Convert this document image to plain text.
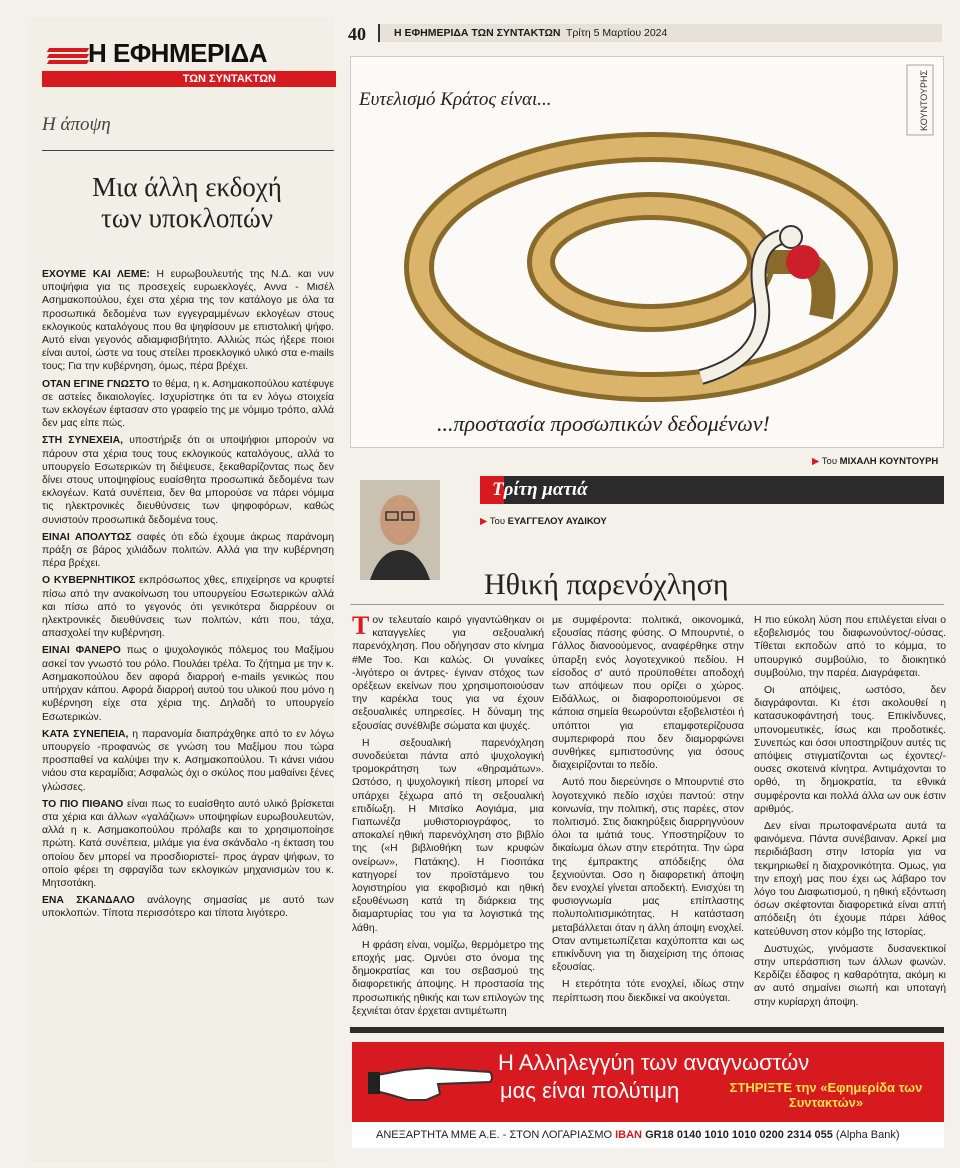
Η ΕΦΗΜΕΡΙΔΑ
ΤΩΝ ΣΥΝΤΑΚΤΩΝ
Η άποψη
Μια άλλη εκδοχή
των υποκλοπών

ΕΧΟΥΜΕ ΚΑΙ ΛΕΜΕ: Η ευρωβουλευτής της Ν.Δ. και νυν υποψήφια για τις προσεχείς ευρωεκλογές, Αννα - Μισέλ Ασημακοπούλου, έχει στα χέρια της τον κατάλογο με όλα τα προσωπικά δεδομένα των εγγεγραμμένων εκλογέων στους εκλογικούς καταλόγους που θα ψηφίσουν με επιστολική ψήφο. Αυτό είναι γεγονός αδιαμφισβήτητο. Αλλιώς πώς ήξερε ποιοι είναι αυτοί, ώστε να τους στείλει προεκλογικό υλικό στα e-mails τους; Για την κυβέρνηση, όμως, πέρα βρέχει.

ΟΤΑΝ ΕΓΙΝΕ ΓΝΩΣΤΟ το θέμα, η κ. Ασημακοπούλου κατέφυγε σε αστείες δικαιολογίες. Ισχυρίστηκε ότι τα εν λόγω στοιχεία των εκλογέων έφτασαν στο γραφείο της με νόμιμο τρόπο, αλλά δεν μας είπε πώς.

ΣΤΗ ΣΥΝΕΧΕΙΑ, υποστήριξε ότι οι υποψήφιοι μπορούν να πάρουν στα χέρια τους τους εκλογικούς καταλόγους, αλλά το υπουργείο Εσωτερικών τη διέψευσε, ξεκαθαρίζοντας πως δεν δίνει στους υποψηφίους ευαίσθητα προσωπικά δεδομένα των εκλογέων. Κατά συνέπεια, δεν θα μπορούσε να πάρει νόμιμα τις ηλεκτρονικές διευθύνσεις των ψηφοφόρων, καθώς συνιστούν προσωπικά δεδομένα τους.

ΕΙΝΑΙ ΑΠΟΛΥΤΩΣ σαφές ότι εδώ έχουμε άκρως παράνομη πράξη σε βάρος χιλιάδων πολιτών. Αλλά για την κυβέρνηση πέρα βρέχει.

Ο ΚΥΒΕΡΝΗΤΙΚΟΣ εκπρόσωπος χθες, επιχείρησε να κρυφτεί πίσω από την ανακοίνωση του υπουργείου Εσωτερικών αλλά και πίσω από το γεγονός ότι γενικότερα διαρρέουν οι ηλεκτρονικές διευθύνσεις των πολιτών, κάτι που, τάχα, απασχολεί την κυβέρνηση.

ΕΙΝΑΙ ΦΑΝΕΡΟ πως ο ψυχολογικός πόλεμος του Μαξίμου ασκεί τον γνωστό του ρόλο. Πουλάει τρέλα. Το ζήτημα με την κ. Ασημακοπούλου δεν αφορά διαρροή e-mails γενικώς που υπήρχαν κάπου. Αφορά διαρροή αυτού του υλικού που μόνο η κυβέρνηση είχε στα χέρια της. Δηλαδή το υπουργείο Εσωτερικών.

ΚΑΤΑ ΣΥΝΕΠΕΙΑ, η παρανομία διαπράχθηκε από το εν λόγω υπουργείο -προφανώς σε γνώση του Μαξίμου που τώρα προσπαθεί να καλύψει την κ. Ασημακοπούλου. Τι κάνει νιάου νιάου στα κεραμίδια; Ασφαλώς όχι ο σκύλος που μαθαίνει ξένες γλώσσες.

ΤΟ ΠΙΟ ΠΙΘΑΝΟ είναι πως το ευαίσθητο αυτό υλικό βρίσκεται στα χέρια και άλλων «γαλάζιων» υποψηφίων ευρωβουλευτών, αλλά η κ. Ασημακοπούλου πρόλαβε και το χρησιμοποίησε πρώτη. Κατά συνέπεια, μιλάμε για ένα σκάνδαλο -η έκταση του οποίου δεν μπορεί να προσδιοριστεί- προς άγραν ψήφων, το οποίο φέρει τη σφραγίδα των εκλογικών μηχανισμών του κ. Μητσοτάκη.

ΕΝΑ ΣΚΑΝΔΑΛΟ ανάλογης σημασίας με αυτό των υποκλοπών. Τίποτα περισσότερο και τίποτα λιγότερο.

40	Η ΕΦΗΜΕΡΙΔΑ ΤΩΝ ΣΥΝΤΑΚΤΩΝ Τρίτη 5 Μαρτίου 2024
Ευτελισμό Κράτος είναι...	ΚΟΥΝΤΟΥΡΗΣ
...προστασία προσωπικών δεδομένων!
▶ Του ΜΙΧΑΛΗ ΚΟΥΝΤΟΥΡΗ
Τρίτη ματιά
▶ Του ΕΥΑΓΓΕΛΟΥ ΑΥΔΙΚΟΥ
Ηθική παρενόχληση

Τον τελευταίο καιρό γιγαντώθηκαν οι καταγγελίες για σεξουαλική παρενόχληση. Που οδήγησαν στο κίνημα #Me Too. Και καλώς. Οι γυναίκες -λιγότερο οι άντρες- έγιναν στόχος των ορέξεων εκείνων που χρησιμοποιούσαν την καρέκλα τους για να έχουν σεξουαλικές υπηρεσίες. Η δύναμη της εξουσίας συνέθλιβε σώματα και ψυχές.

Η σεξουαλική παρενόχληση συνοδεύεται πάντα από ψυχολογική τρομοκράτηση των «θηραμάτων». Ωστόσο, η ψυχολογική πίεση μπορεί να υπάρχει ξέχωρα από τη σεξουαλική επιδίωξη. Η Μιτσίκο Αογιάμα, μια Γιαπωνέζα μυθιστοριογράφος, το αποκαλεί ηθική παρενόχληση στο βιβλίο της («Η βιβλιοθήκη των κρυφών ονείρων», Πατάκης). Η Γιοσιτάκα κατηγορεί τον προϊστάμενο του λογιστηρίου για εκφοβισμό και ηθική εξουθένωση κατά τη διάρκεια της διαμαρτυρίας του για τα λογιστικά της λάθη.

Η φράση είναι, νομίζω, θερμόμετρο της εποχής μας. Ομνύει στο όνομα της δημοκρατίας και του σεβασμού της διαφορετικής άποψης. Η προστασία της προσωπικής ηθικής και των επιλογών της ξεχνιέται όταν έρχεται αντιμέτωπη

με συμφέροντα: πολιτικά, οικονομικά, εξουσίας πάσης φύσης. Ο Μπουρντιέ, ο Γάλλος διανοούμενος, αναφέρθηκε στην ύπαρξη ενός λογοτεχνικού πεδίου. Η είσοδος σ' αυτό προϋποθέτει αποδοχή των απόψεων που ορίζει ο χώρος. Ειδάλλως, οι διαφοροποιούμενοι σε κάποια σημεία θεωρούνται εξοβελιστέοι ή υπόπτοι για επαμφοτερίζουσα συμπεριφορά που δεν διαμορφώνει συνθήκες εμπιστοσύνης για όσους διαχειρίζονται το πεδίο.

Αυτό που διερεύνησε ο Μπουρντιέ στο λογοτεχνικό πεδίο ισχύει παντού: στην κοινωνία, την πολιτική, στις παρέες, στον πολιτισμό. Στις διακηρύξεις διαρρηγνύουν όλοι τα ιμάτιά τους. Υποστηρίζουν το δικαίωμα όλων στην ετερότητα. Την ώρα της έμπρακτης απόδειξης όλα ξεχνιούνται. Οσο η διαφορετική άποψη δεν ενοχλεί γίνεται αποδεκτή. Ενισχύει τη φυσιογνωμία μας επίπλαστης πολυπολιτισμικότητας. Η κατάσταση μεταβάλλεται όταν η άλλη άποψη ενοχλεί. Οταν αντιμετωπίζεται καχύποπτα και ως επικίνδυνη για τη διαχείριση της όποιας εξουσίας.

Η ετερότητα τότε ενοχλεί, ιδίως στην περίπτωση που διεκδικεί να ακούγεται.

Η πιο εύκολη λύση που επιλέγεται είναι ο εξοβελισμός του διαφωνούντος/-ούσας. Τίθεται εκποδών από το κόμμα, το υπουργικό συμβούλιο, το διοικητικό συμβούλιο, την παρέα. Διαγράφεται.

Οι απόψεις, ωστόσο, δεν διαγράφονται. Κι έτσι ακολουθεί η κατασυκοφάντησή τους. Επικίνδυνες, υπονομευτικές, ίσως και προδοτικές. Συνεπώς και όσοι υποστηρίζουν αυτές τις απόψεις στιγματίζονται ως έχοντες/-ουσες σκοτεινά κίνητρα. Αντιμάχονται το ορθό, τη δημοκρατία, τα εθνικά συμφέροντα και πολλά άλλα ων ουκ έστιν αριθμός.

Δεν είναι πρωτοφανέρωτα αυτά τα φαινόμενα. Πάντα συνέβαιναν. Αρκεί μια περιδιάβαση στην Ιστορία για να τεκμηριωθεί η διαχρονικότητα. Ομως, για την εποχή μας που έχει ως λάβαρο τον λόγο του Διαφωτισμού, η ηθική εξόντωση όσων σκέφτονται διαφορετικά είναι απτή απόδειξη ότι έχουμε πάρει λάθος κατεύθυνση στον κόμβο της Ιστορίας.

Δυστυχώς, γινόμαστε δυσανεκτικοί στην υπεράσπιση των άλλων φωνών. Κερδίζει έδαφος η καθαρότητα, ακόμη κι αν αυτό σημαίνει σιωπή και υποταγή στην κυρίαρχη άποψη.

Η Αλληλεγγύη των αναγνωστών
μας είναι πολύτιμη	ΣΤΗΡΙΞΤΕ την «Εφημερίδα των Συντακτών»
ΑΝΕΞΑΡΤΗΤΑ ΜΜΕ Α.Ε. - ΣΤΟΝ ΛΟΓΑΡΙΑΣΜΟ IBAN GR18 0140 1010 1010 0200 2314 055 (Alpha Bank)
